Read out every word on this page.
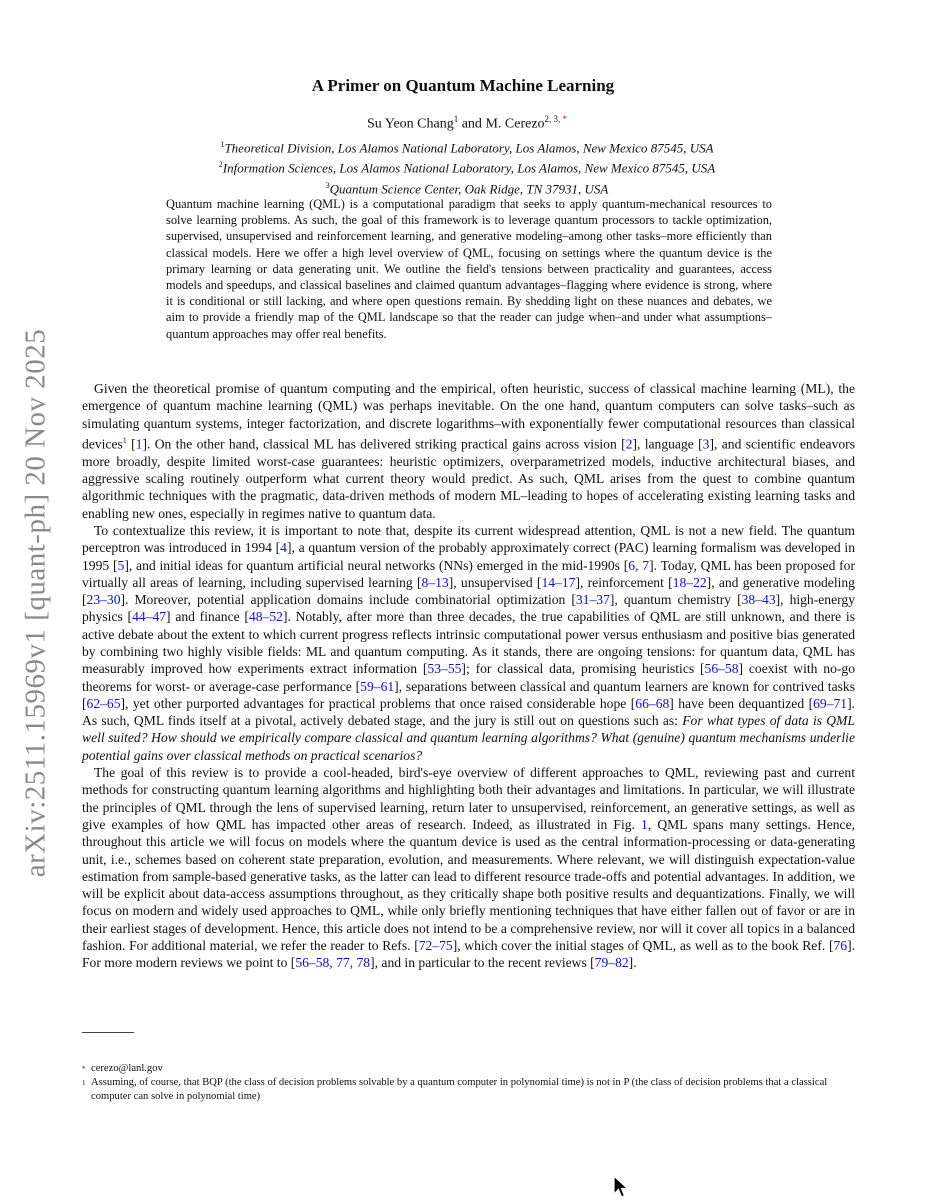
arXiv:2511.15969v1 [quant-ph] 20 Nov 2025
A Primer on Quantum Machine Learning
Su Yeon Chang$^1$ and M. Cerezo$^{2, 3, *}$
$^1$Theoretical Division, Los Alamos National Laboratory, Los Alamos, New Mexico 87545, USA
$^2$Information Sciences, Los Alamos National Laboratory, Los Alamos, New Mexico 87545, USA
$^3$Quantum Science Center, Oak Ridge, TN 37931, USA
Quantum machine learning (QML) is a computational paradigm that seeks to apply quantum-mechanical resources to solve learning problems. As such, the goal of this framework is to leverage quantum processors to tackle optimization, supervised, unsupervised and reinforcement learning, and generative modeling–among other tasks–more efficiently than classical models. Here we offer a high level overview of QML, focusing on settings where the quantum device is the primary learning or data generating unit. We outline the field's tensions between practicality and guarantees, access models and speedups, and classical baselines and claimed quantum advantages–flagging where evidence is strong, where it is conditional or still lacking, and where open questions remain. By shedding light on these nuances and debates, we aim to provide a friendly map of the QML landscape so that the reader can judge when–and under what assumptions–quantum approaches may offer real benefits.

Given the theoretical promise of quantum computing and the empirical, often heuristic, success of classical machine learning (ML), the emergence of quantum machine learning (QML) was perhaps inevitable. On the one hand, quantum computers can solve tasks–such as simulating quantum systems, integer factorization, and discrete logarithms–with exponentially fewer computational resources than classical devices$^1$ [1]. On the other hand, classical ML has delivered striking practical gains across vision [2], language [3], and scientific endeavors more broadly, despite limited worst-case guarantees: heuristic optimizers, overparametrized models, inductive architectural biases, and aggressive scaling routinely outperform what current theory would predict. As such, QML arises from the quest to combine quantum algorithmic techniques with the pragmatic, data-driven methods of modern ML–leading to hopes of accelerating existing learning tasks and enabling new ones, especially in regimes native to quantum data.

To contextualize this review, it is important to note that, despite its current widespread attention, QML is not a new field. The quantum perceptron was introduced in 1994 [4], a quantum version of the probably approximately correct (PAC) learning formalism was developed in 1995 [5], and initial ideas for quantum artificial neural networks (NNs) emerged in the mid-1990s [6, 7]. Today, QML has been proposed for virtually all areas of learning, including supervised learning [8–13], unsupervised [14–17], reinforcement [18–22], and generative modeling [23–30]. Moreover, potential application domains include combinatorial optimization [31–37], quantum chemistry [38–43], high-energy physics [44–47] and finance [48–52]. Notably, after more than three decades, the true capabilities of QML are still unknown, and there is active debate about the extent to which current progress reflects intrinsic computational power versus enthusiasm and positive bias generated by combining two highly visible fields: ML and quantum computing. As it stands, there are ongoing tensions: for quantum data, QML has measurably improved how experiments extract information [53–55]; for classical data, promising heuristics [56–58] coexist with no-go theorems for worst- or average-case performance [59–61], separations between classical and quantum learners are known for contrived tasks [62–65], yet other purported advantages for practical problems that once raised considerable hope [66–68] have been dequantized [69–71]. As such, QML finds itself at a pivotal, actively debated stage, and the jury is still out on questions such as: For what types of data is QML well suited? How should we empirically compare classical and quantum learning algorithms? What (genuine) quantum mechanisms underlie potential gains over classical methods on practical scenarios?

The goal of this review is to provide a cool-headed, bird's-eye overview of different approaches to QML, reviewing past and current methods for constructing quantum learning algorithms and highlighting both their advantages and limitations. In particular, we will illustrate the principles of QML through the lens of supervised learning, return later to unsupervised, reinforcement, an generative settings, as well as give examples of how QML has impacted other areas of research. Indeed, as illustrated in Fig. 1, QML spans many settings. Hence, throughout this article we will focus on models where the quantum device is used as the central information-processing or data-generating unit, i.e., schemes based on coherent state preparation, evolution, and measurements. Where relevant, we will distinguish expectation-value estimation from sample-based generative tasks, as the latter can lead to different resource trade-offs and potential advantages. In addition, we will be explicit about data-access assumptions throughout, as they critically shape both positive results and dequantizations. Finally, we will focus on modern and widely used approaches to QML, while only briefly mentioning techniques that have either fallen out of favor or are in their earliest stages of development. Hence, this article does not intend to be a comprehensive review, nor will it cover all topics in a balanced fashion. For additional material, we refer the reader to Refs. [72–75], which cover the initial stages of QML, as well as to the book Ref. [76]. For more modern reviews we point to [56–58, 77, 78], and in particular to the recent reviews [79–82].

* cerezo@lanl.gov
1 Assuming, of course, that BQP (the class of decision problems solvable by a quantum computer in polynomial time) is not in P (the class of decision problems that a classical computer can solve in polynomial time)
